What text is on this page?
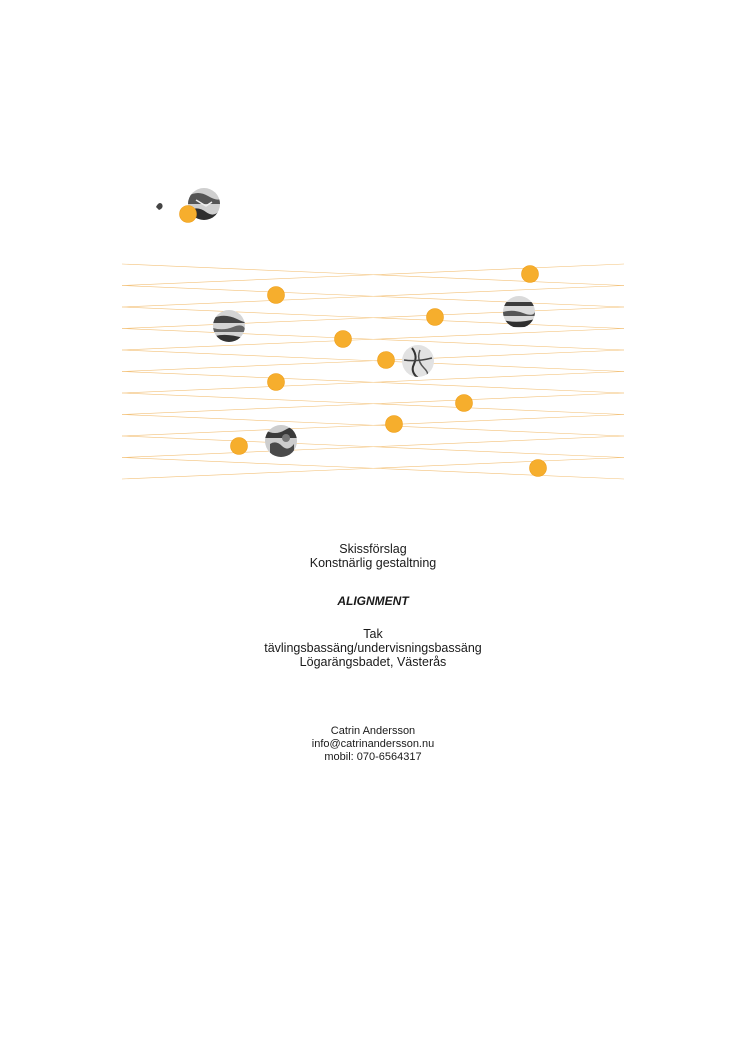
Skissförslag
Konstnärlig gestaltning
ALIGNMENT
Tak
tävlingsbassäng/undervisningsbassäng
Lögarängsbadet, Västerås
Catrin Andersson
info@catrinandersson.nu
mobil: 070-6564317
